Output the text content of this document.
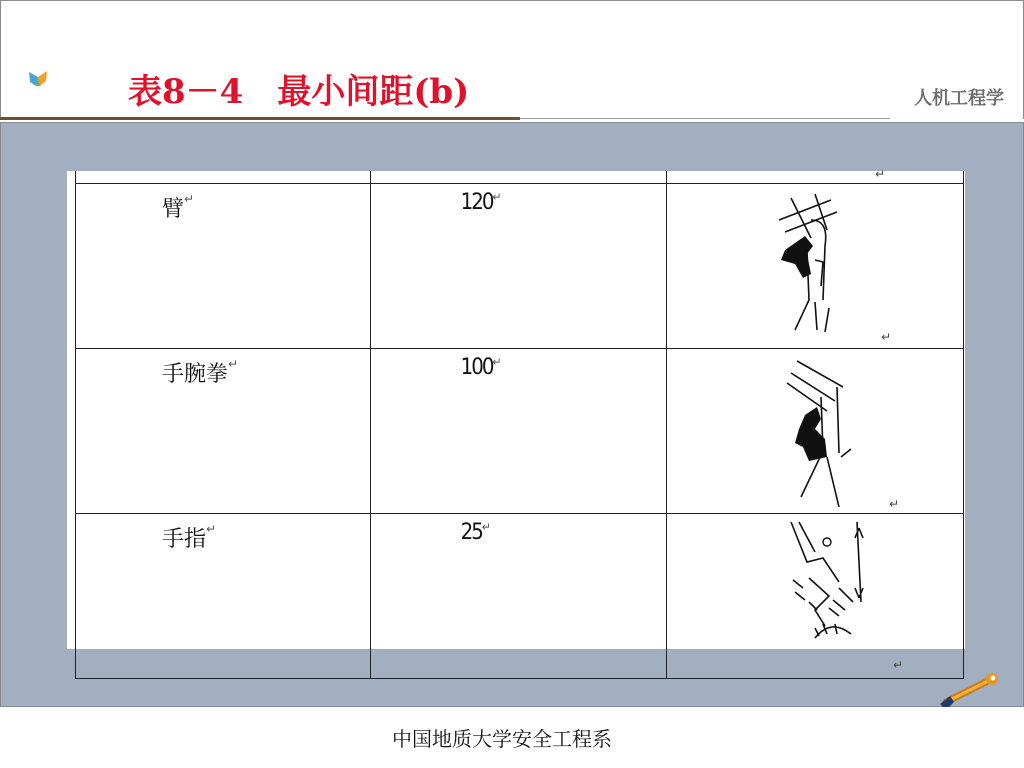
表8－4　最小间距(b)	人机工程学

		↵

臂↵	120↵	↵

手腕拳↵	100↵	↵

手指↵	25↵	↵
中国地质大学安全工程系
